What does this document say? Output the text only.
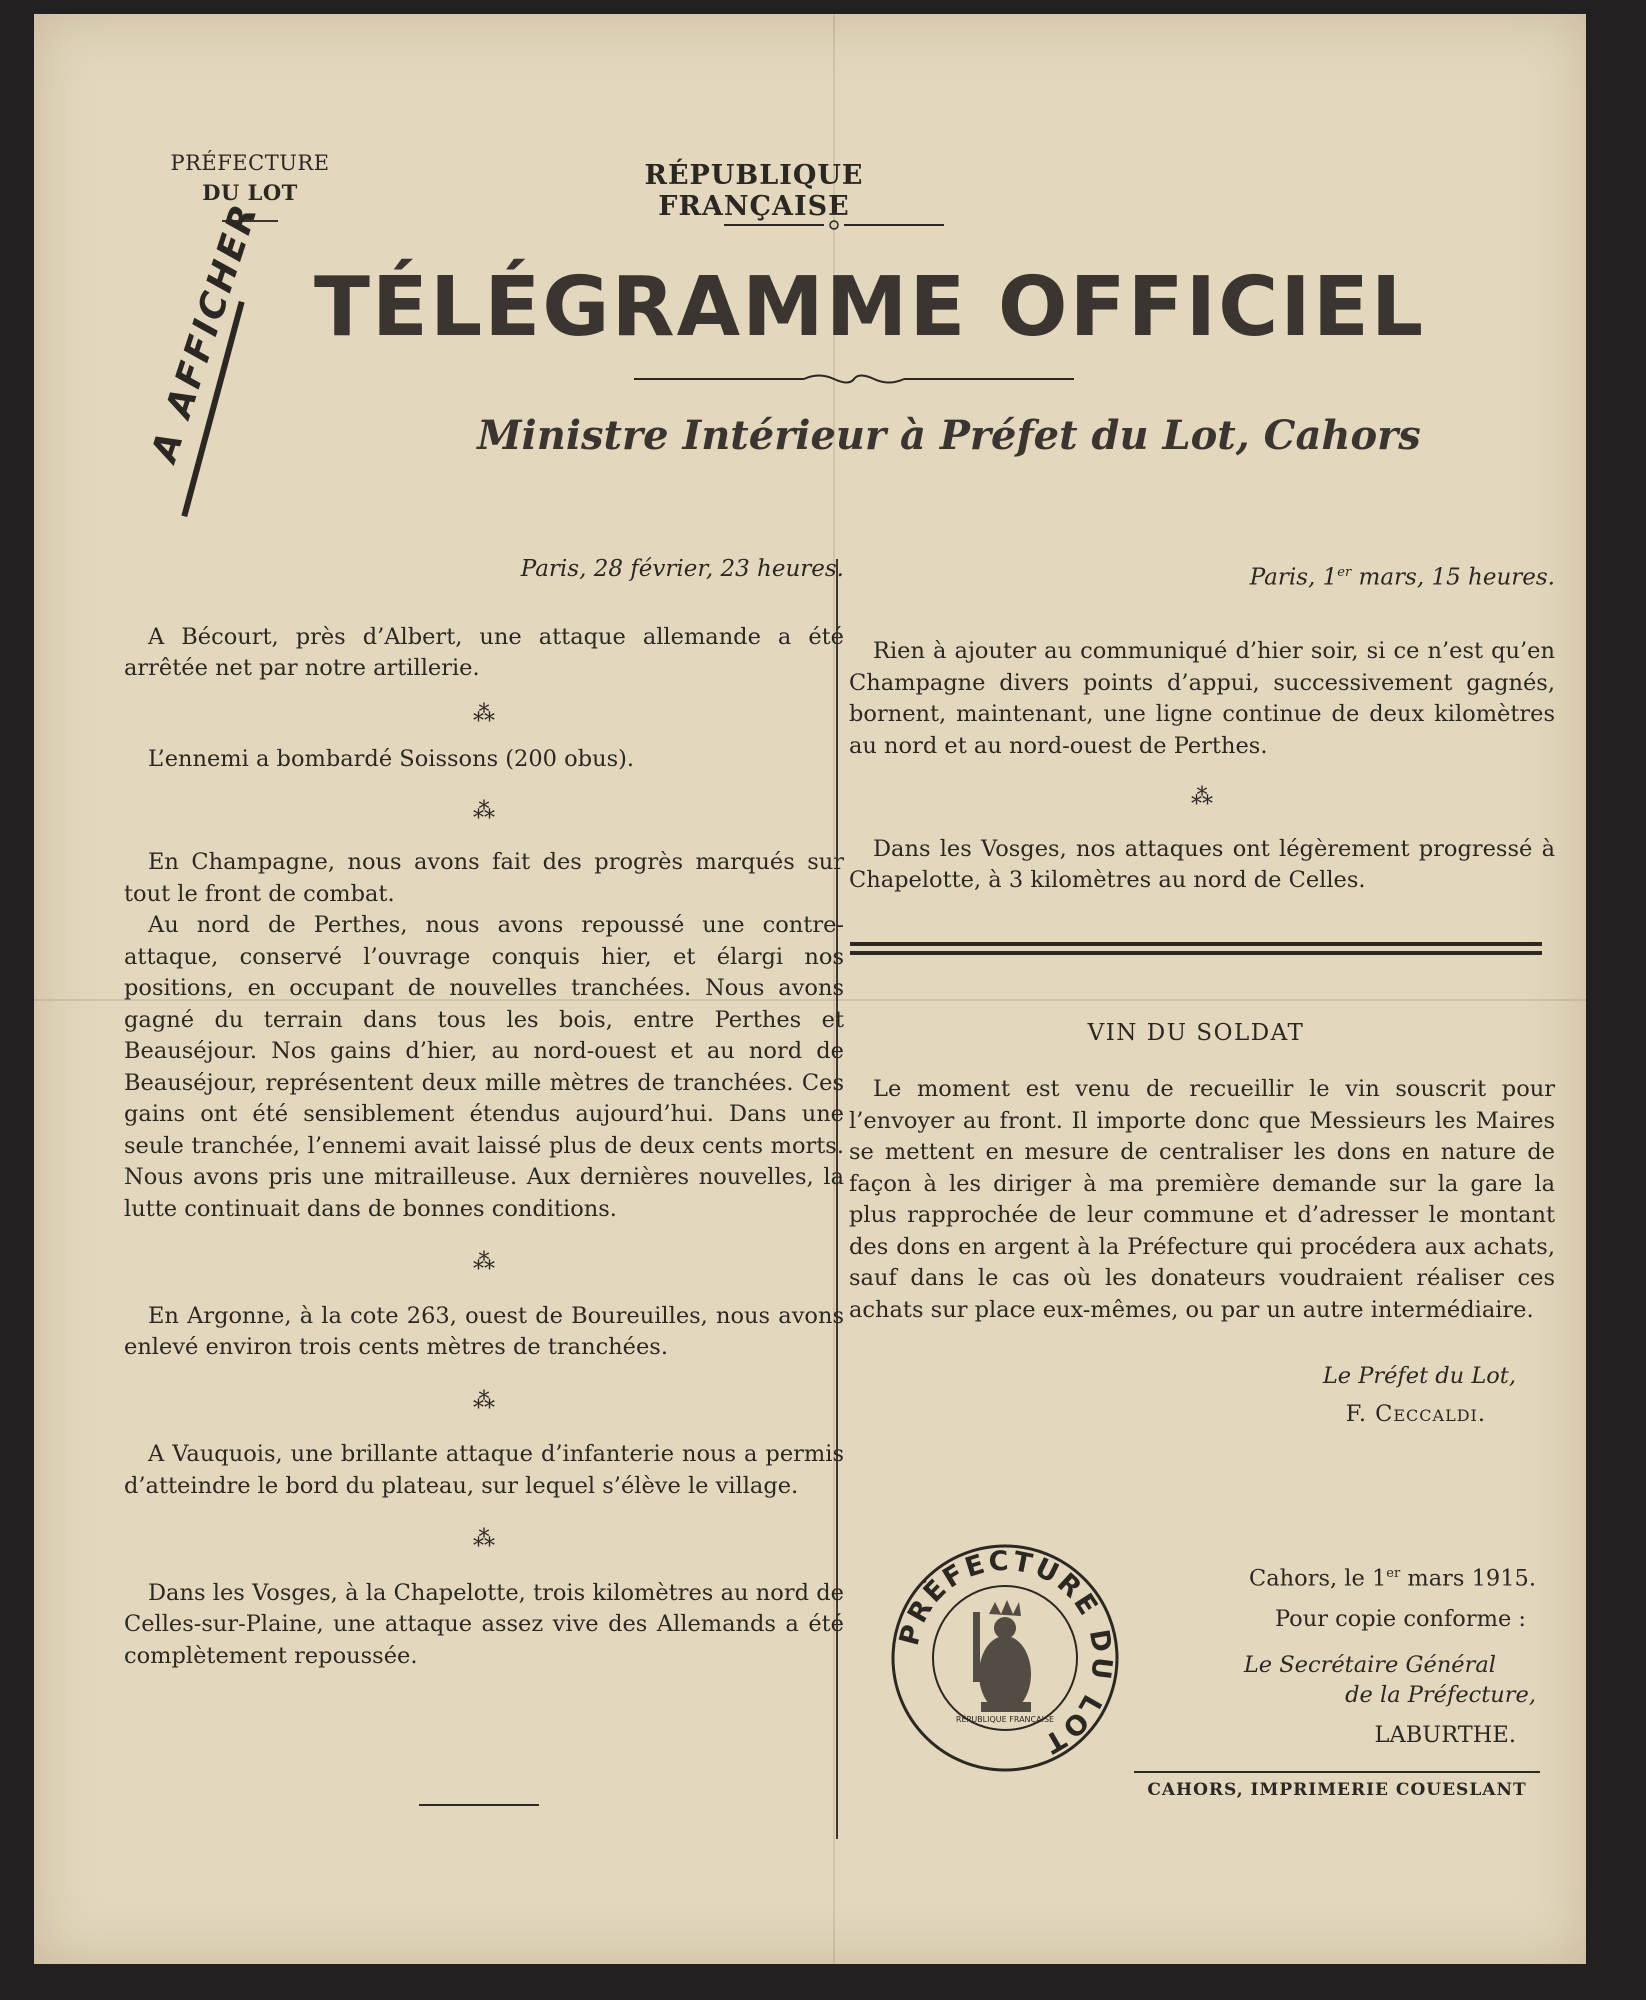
PRÉFECTURE
DU LOT
RÉPUBLIQUE FRANÇAISE
A AFFICHER TÉLÉGRAMME OFFICIEL
Ministre Intérieur à Préfet du Lot, Cahors

Paris, 28 février, 23 heures.

A Bécourt, près d’Albert, une attaque allemande a été arrêtée net par notre artillerie.

⁂

L’ennemi a bombardé Soissons (200 obus).

⁂

En Champagne, nous avons fait des progrès marqués sur tout le front de combat.

Au nord de Perthes, nous avons repoussé une contre-attaque, conservé l’ouvrage conquis hier, et élargi nos positions, en occupant de nouvelles tranchées. Nous avons gagné du terrain dans tous les bois, entre Perthes et Beauséjour. Nos gains d’hier, au nord-ouest et au nord de Beauséjour, représentent deux mille mètres de tranchées. Ces gains ont été sensiblement étendus aujourd’hui. Dans une seule tranchée, l’ennemi avait laissé plus de deux cents morts. Nous avons pris une mitrailleuse. Aux dernières nouvelles, la lutte continuait dans de bonnes conditions.

⁂

En Argonne, à la cote 263, ouest de Boureuilles, nous avons enlevé environ trois cents mètres de tranchées.

⁂

A Vauquois, une brillante attaque d’infanterie nous a permis d’atteindre le bord du plateau, sur lequel s’élève le village.

⁂

Dans les Vosges, à la Chapelotte, trois kilomètres au nord de Celles-sur-Plaine, une attaque assez vive des Allemands a été complètement repoussée.

Paris, 1er mars, 15 heures.

Rien à ajouter au communiqué d’hier soir, si ce n’est qu’en Champagne divers points d’appui, successivement gagnés, bornent, maintenant, une ligne continue de deux kilomètres au nord et au nord-ouest de Perthes.

⁂

Dans les Vosges, nos attaques ont légèrement progressé à Chapelotte, à 3 kilomètres au nord de Celles.

VIN DU SOLDAT

Le moment est venu de recueillir le vin souscrit pour l’envoyer au front. Il importe donc que Messieurs les Maires se mettent en mesure de centraliser les dons en nature de façon à les diriger à ma première demande sur la gare la plus rapprochée de leur commune et d’adresser le montant des dons en argent à la Préfecture qui procédera aux achats, sauf dans le cas où les donateurs voudraient réaliser ces achats sur place eux-mêmes, ou par un autre intermédiaire.

Le Préfet du Lot,
F. Ceccaldi.
PRÉFECTURE DU LOT
RÉPUBLIQUE FRANÇAISE
Cahors, le 1er mars 1915.
Pour copie conforme :
Le Secrétaire Général
de la Préfecture,
LABURTHE.
CAHORS, IMPRIMERIE COUESLANT
